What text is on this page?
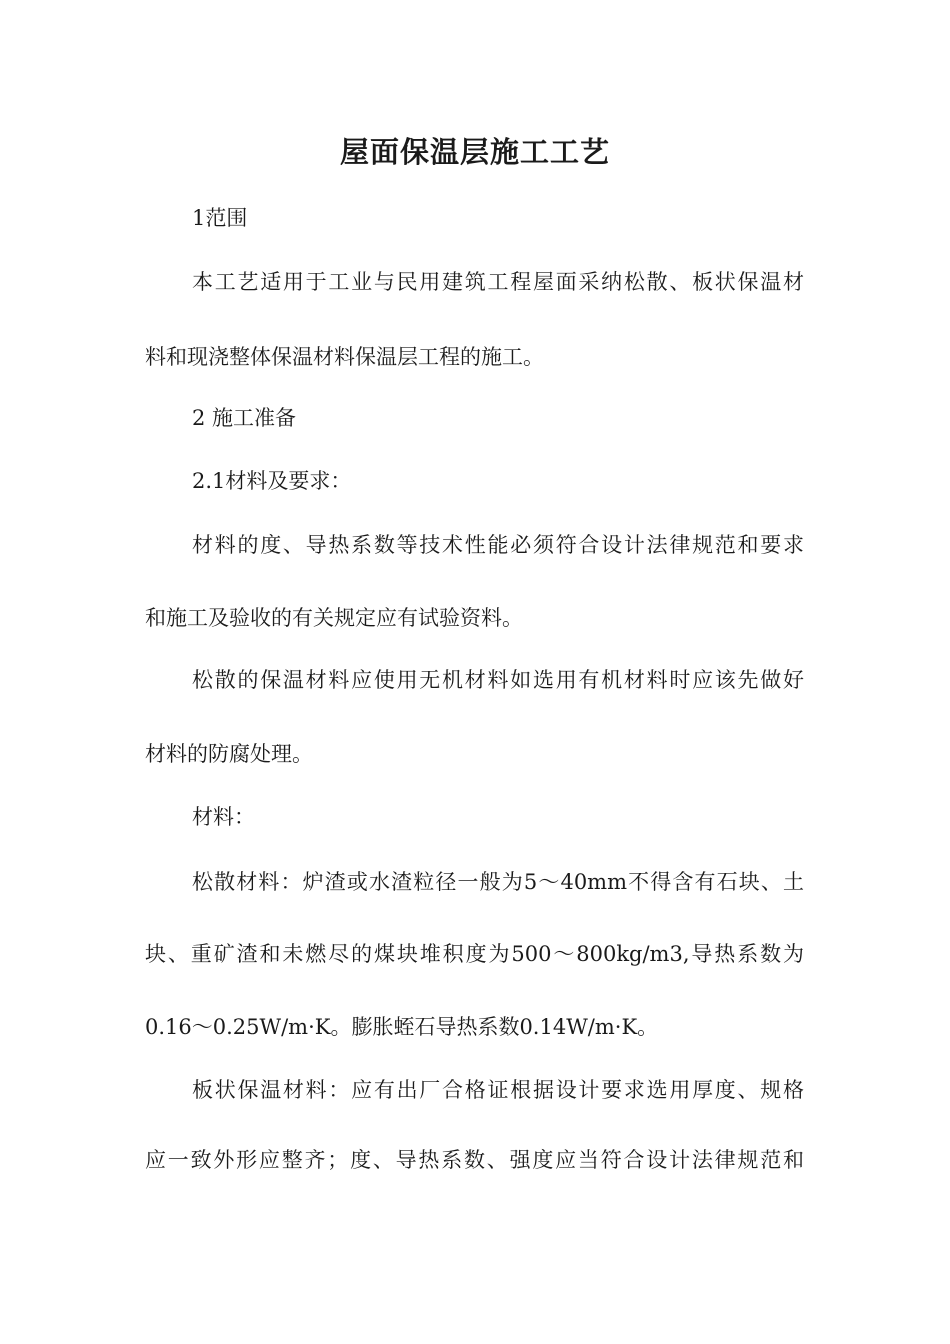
屋面保温层施工工艺

1范围

本工艺适用于工业与民用建筑工程屋面采纳松散、板状保温材

料和现浇整体保温材料保温层工程的施工。

2 施工准备

2.1材料及要求：

材料的度、导热系数等技术性能必须符合设计法律规范和要求

和施工及验收的有关规定应有试验资料。

松散的保温材料应使用无机材料如选用有机材料时应该先做好

材料的防腐处理。

材料：

松散材料：炉渣或水渣粒径一般为5～40mm不得含有石块、土

块、重矿渣和未燃尽的煤块堆积度为500～800kg/m3,导热系数为

0.16～0.25W/m·K。膨胀蛭石导热系数0.14W/m·K。

板状保温材料：应有出厂合格证根据设计要求选用厚度、规格

应一致外形应整齐；度、导热系数、强度应当符合设计法律规范和
